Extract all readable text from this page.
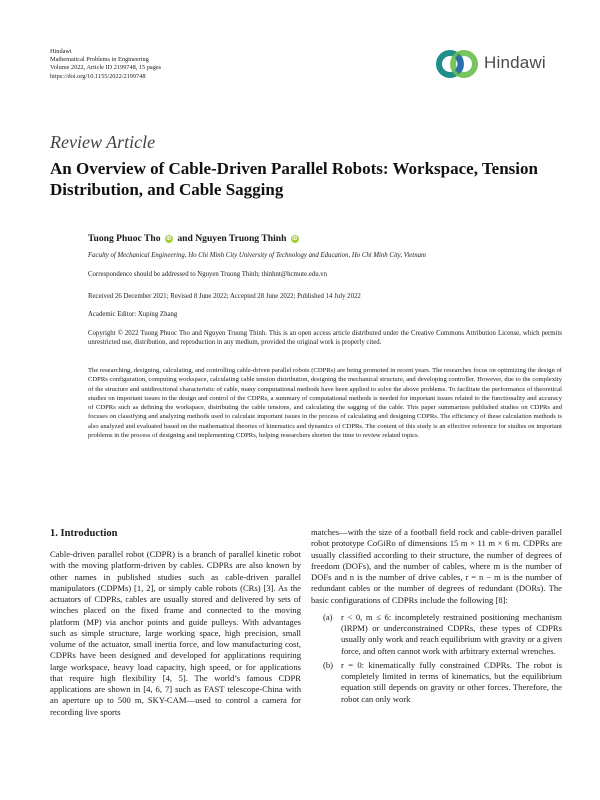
Hindawi
Mathematical Problems in Engineering
Volume 2022, Article ID 2199748, 15 pages
https://doi.org/10.1155/2022/2199748
Hindawi
Review Article
An Overview of Cable-Driven Parallel Robots: Workspace, Tension Distribution, and Cable Sagging
Tuong Phuoc Tho iD and Nguyen Truong Thinh iD
Faculty of Mechanical Engineering, Ho Chi Minh City University of Technology and Education, Ho Chi Minh City, Vietnam
Correspondence should be addressed to Nguyen Truong Thinh; thinhnt@hcmute.edu.vn
Received 26 December 2021; Revised 8 June 2022; Accepted 28 June 2022; Published 14 July 2022
Academic Editor: Xuping Zhang
Copyright © 2022 Tuong Phuoc Tho and Nguyen Truong Thinh. This is an open access article distributed under the Creative Commons Attribution License, which permits unrestricted use, distribution, and reproduction in any medium, provided the original work is properly cited.
The researching, designing, calculating, and controlling cable-driven parallel robots (CDPRs) are being promoted in recent years. The researches focus on optimizing the design of CDPRs configuration, computing workspace, calculating cable tension distribution, designing the mechanical structure, and developing controller. However, due to the complexity of the structure and unidirectional characteristic of cable, many computational methods have been applied to solve the above problems. To facilitate the performance of theoretical studies on important issues in the design and control of the CDPRs, a summary of computational methods is needed for important issues related to the functionality and accuracy of CDPRs such as defining the workspace, distributing the cable tensions, and calculating the sagging of the cable. This paper summarizes published studies on CDPRs and focuses on classifying and analyzing methods used to calculate important issues in the process of calculating and designing CDPRs. The efficiency of these calculation methods is also analyzed and evaluated based on the mathematical theories of kinematics and dynamics of CDPRs. The content of this study is an effective reference for studies on important problems in the process of designing and implementing CDPRs, helping researchers shorten the time to review related topics.
1. Introduction

Cable-driven parallel robot (CDPR) is a branch of parallel kinetic robot with the moving platform-driven by cables. CDPRs are also known by other names in published studies such as cable-driven parallel manipulators (CDPMs) [1, 2], or simply cable robots (CRs) [3]. As the actuators of CDPRs, cables are usually stored and delivered by sets of winches placed on the fixed frame and connected to the moving platform (MP) via anchor points and guide pulleys. With advantages such as simple structure, large working space, high precision, small volume of the actuator, small inertia force, and low manufacturing cost, CDPRs have been designed and developed for applications requiring large workspace, heavy load capacity, high speed, or for applications that require high flexibility [4, 5]. The world’s famous CDPR applications are shown in [4, 6, 7] such as FAST telescope-China with an aperture up to 500 m, SKY-CAM—used to control a camera for recording live sports

matches—with the size of a football field rock and cable-driven parallel robot prototype CoGiRo of dimensions 15 m × 11 m × 6 m. CDPRs are usually classified according to their structure, the number of degrees of freedom (DOFs), and the number of cables, where m is the number of DOFs and n is the number of drive cables, r = n − m is the number of redundant cables or the number of degrees of redundant (DORs). The basic configurations of CDPRs include the following [8]:

(a) r < 0, m ≤ 6: incompletely restrained positioning mechanism (IRPM) or underconstrained CDPRs, these types of CDPRs usually only work and reach equilibrium with gravity or a given force, and often cannot work with arbitrary external wrenches.
(b) r = 0: kinematically fully constrained CDPRs. The robot is completely limited in terms of kinematics, but the equilibrium equation still depends on gravity or other forces. Therefore, the robot can only work
